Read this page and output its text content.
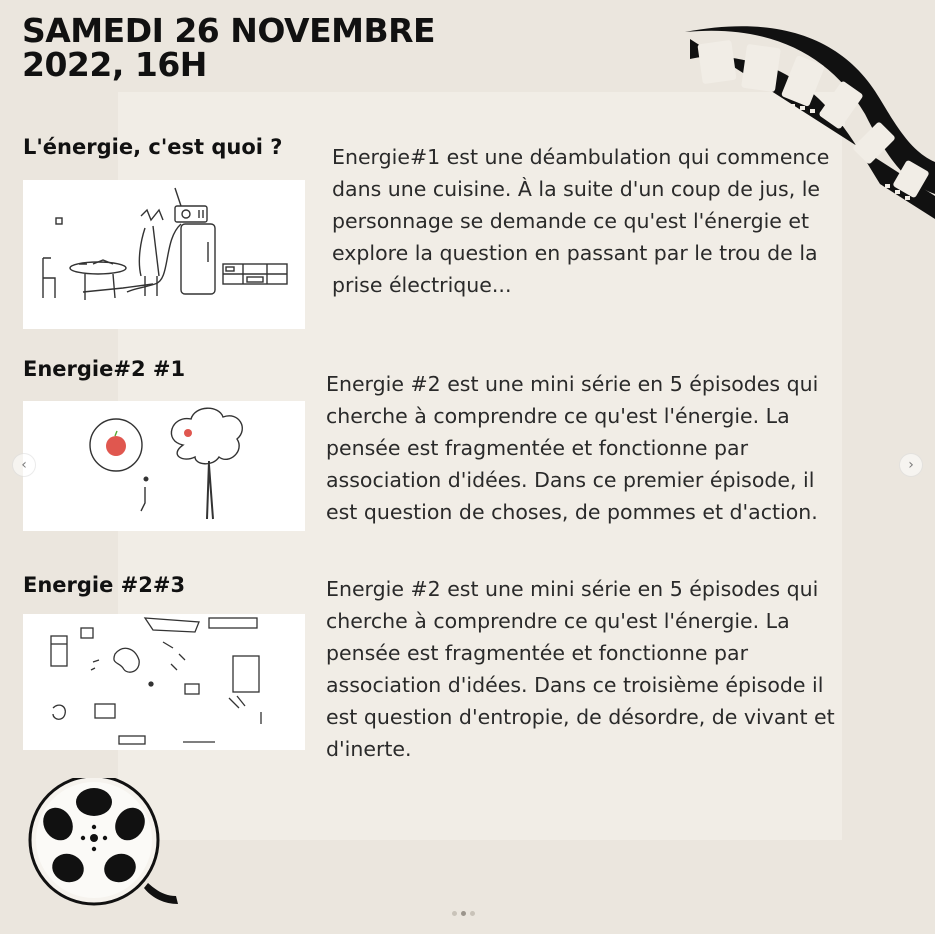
SAMEDI 26 NOVEMBRE
2022, 16H
L'énergie, c'est quoi ? Energie#1 est une déambulation qui commence dans une cuisine. À la suite d'un coup de jus, le personnage se demande ce qu'est l'énergie et explore la question en passant par le trou de la prise électrique...
Energie#2 #1
Energie #2 est une mini série en 5 épisodes qui cherche à comprendre ce qu'est l'énergie. La pensée est fragmentée et fonctionne par association d'idées. Dans ce premier épisode, il est question de choses, de pommes et d'action.
Energie #2#3	Energie #2 est une mini série en 5 épisodes qui cherche à comprendre ce qu'est l'énergie. La pensée est fragmentée et fonctionne par association d'idées. Dans ce troisième épisode il est question d'entropie, de désordre, de vivant et d'inerte.
‹	›
